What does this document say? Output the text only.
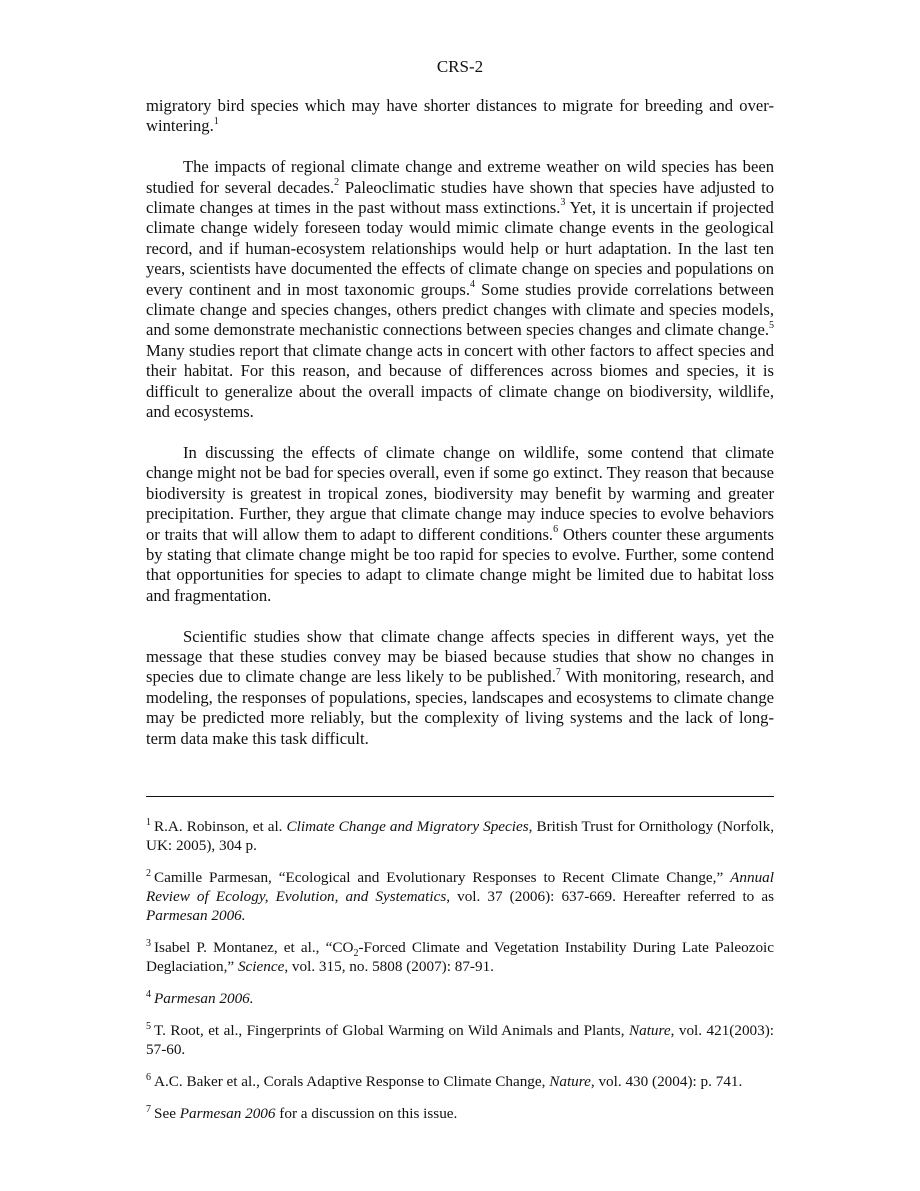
CRS-2

migratory bird species which may have shorter distances to migrate for breeding and over-wintering.$^1$

The impacts of regional climate change and extreme weather on wild species has been studied for several decades.$^2$ Paleoclimatic studies have shown that species have adjusted to climate changes at times in the past without mass extinctions.$^3$ Yet, it is uncertain if projected climate change widely foreseen today would mimic climate change events in the geological record, and if human-ecosystem relationships would help or hurt adaptation. In the last ten years, scientists have documented the effects of climate change on species and populations on every continent and in most taxonomic groups.$^4$ Some studies provide correlations between climate change and species changes, others predict changes with climate and species models, and some demonstrate mechanistic connections between species changes and climate change.$^5$ Many studies report that climate change acts in concert with other factors to affect species and their habitat. For this reason, and because of differences across biomes and species, it is difficult to generalize about the overall impacts of climate change on biodiversity, wildlife, and ecosystems.

In discussing the effects of climate change on wildlife, some contend that climate change might not be bad for species overall, even if some go extinct. They reason that because biodiversity is greatest in tropical zones, biodiversity may benefit by warming and greater precipitation. Further, they argue that climate change may induce species to evolve behaviors or traits that will allow them to adapt to different conditions.$^6$ Others counter these arguments by stating that climate change might be too rapid for species to evolve. Further, some contend that opportunities for species to adapt to climate change might be limited due to habitat loss and fragmentation.

Scientific studies show that climate change affects species in different ways, yet the message that these studies convey may be biased because studies that show no changes in species due to climate change are less likely to be published.$^7$ With monitoring, research, and modeling, the responses of populations, species, landscapes and ecosystems to climate change may be predicted more reliably, but the complexity of living systems and the lack of long-term data make this task difficult.

$^1$ R.A. Robinson, et al. Climate Change and Migratory Species, British Trust for Ornithology (Norfolk, UK: 2005), 304 p.

$^2$ Camille Parmesan, “Ecological and Evolutionary Responses to Recent Climate Change,” Annual Review of Ecology, Evolution, and Systematics, vol. 37 (2006): 637-669. Hereafter referred to as Parmesan 2006.

$^3$ Isabel P. Montanez, et al., “$CO_2$-Forced Climate and Vegetation Instability During Late Paleozoic Deglaciation,” Science, vol. 315, no. 5808 (2007): 87-91.

$^4$ Parmesan 2006.

$^5$ T. Root, et al., Fingerprints of Global Warming on Wild Animals and Plants, Nature, vol. 421(2003): 57-60.

$^6$ A.C. Baker et al., Corals Adaptive Response to Climate Change, Nature, vol. 430 (2004): p. 741.

$^7$ See Parmesan 2006 for a discussion on this issue.
